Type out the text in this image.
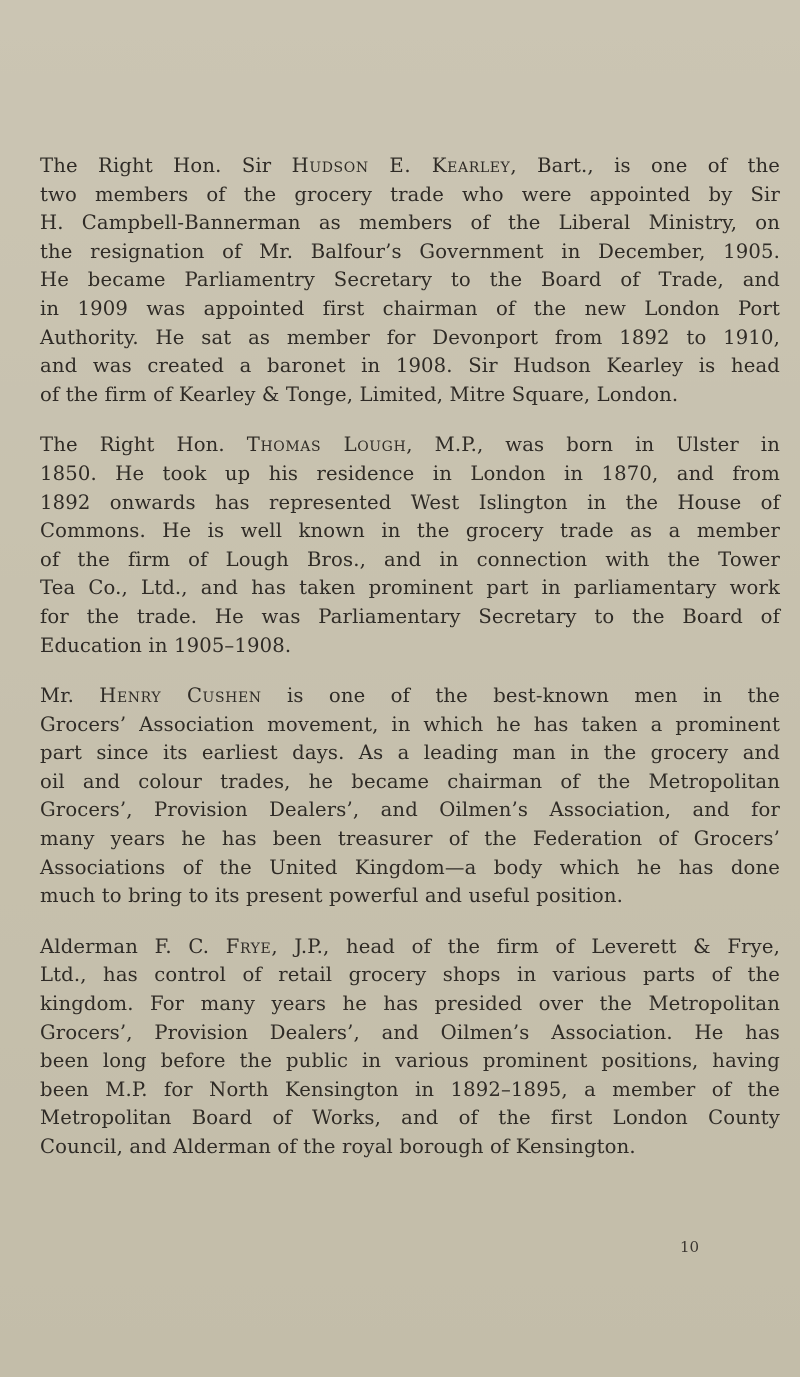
The Right Hon. Sir Hudson E. Kearley, Bart., is one of the
two members of the grocery trade who were appointed by Sir
H. Campbell-Bannerman as members of the Liberal Ministry, on
the resignation of Mr. Balfour’s Government in December, 1905.
He became Parliamentry Secretary to the Board of Trade, and
in 1909 was appointed first chairman of the new London Port
Authority. He sat as member for Devonport from 1892 to 1910,
and was created a baronet in 1908. Sir Hudson Kearley is head
of the firm of Kearley & Tonge, Limited, Mitre Square, London.

The Right Hon. Thomas Lough, M.P., was born in Ulster in
1850. He took up his residence in London in 1870, and from
1892 onwards has represented West Islington in the House of
Commons. He is well known in the grocery trade as a member
of the firm of Lough Bros., and in connection with the Tower
Tea Co., Ltd., and has taken prominent part in parliamentary work
for the trade. He was Parliamentary Secretary to the Board of
Education in 1905–1908.

Mr. Henry Cushen is one of the best-known men in the
Grocers’ Association movement, in which he has taken a prominent
part since its earliest days. As a leading man in the grocery and
oil and colour trades, he became chairman of the Metropolitan
Grocers’, Provision Dealers’, and Oilmen’s Association, and for
many years he has been treasurer of the Federation of Grocers’
Associations of the United Kingdom—a body which he has done
much to bring to its present powerful and useful position.

Alderman F. C. Frye, J.P., head of the firm of Leverett & Frye,
Ltd., has control of retail grocery shops in various parts of the
kingdom. For many years he has presided over the Metropolitan
Grocers’, Provision Dealers’, and Oilmen’s Association. He has
been long before the public in various prominent positions, having
been M.P. for North Kensington in 1892–1895, a member of the
Metropolitan Board of Works, and of the first London County
Council, and Alderman of the royal borough of Kensington.

10
